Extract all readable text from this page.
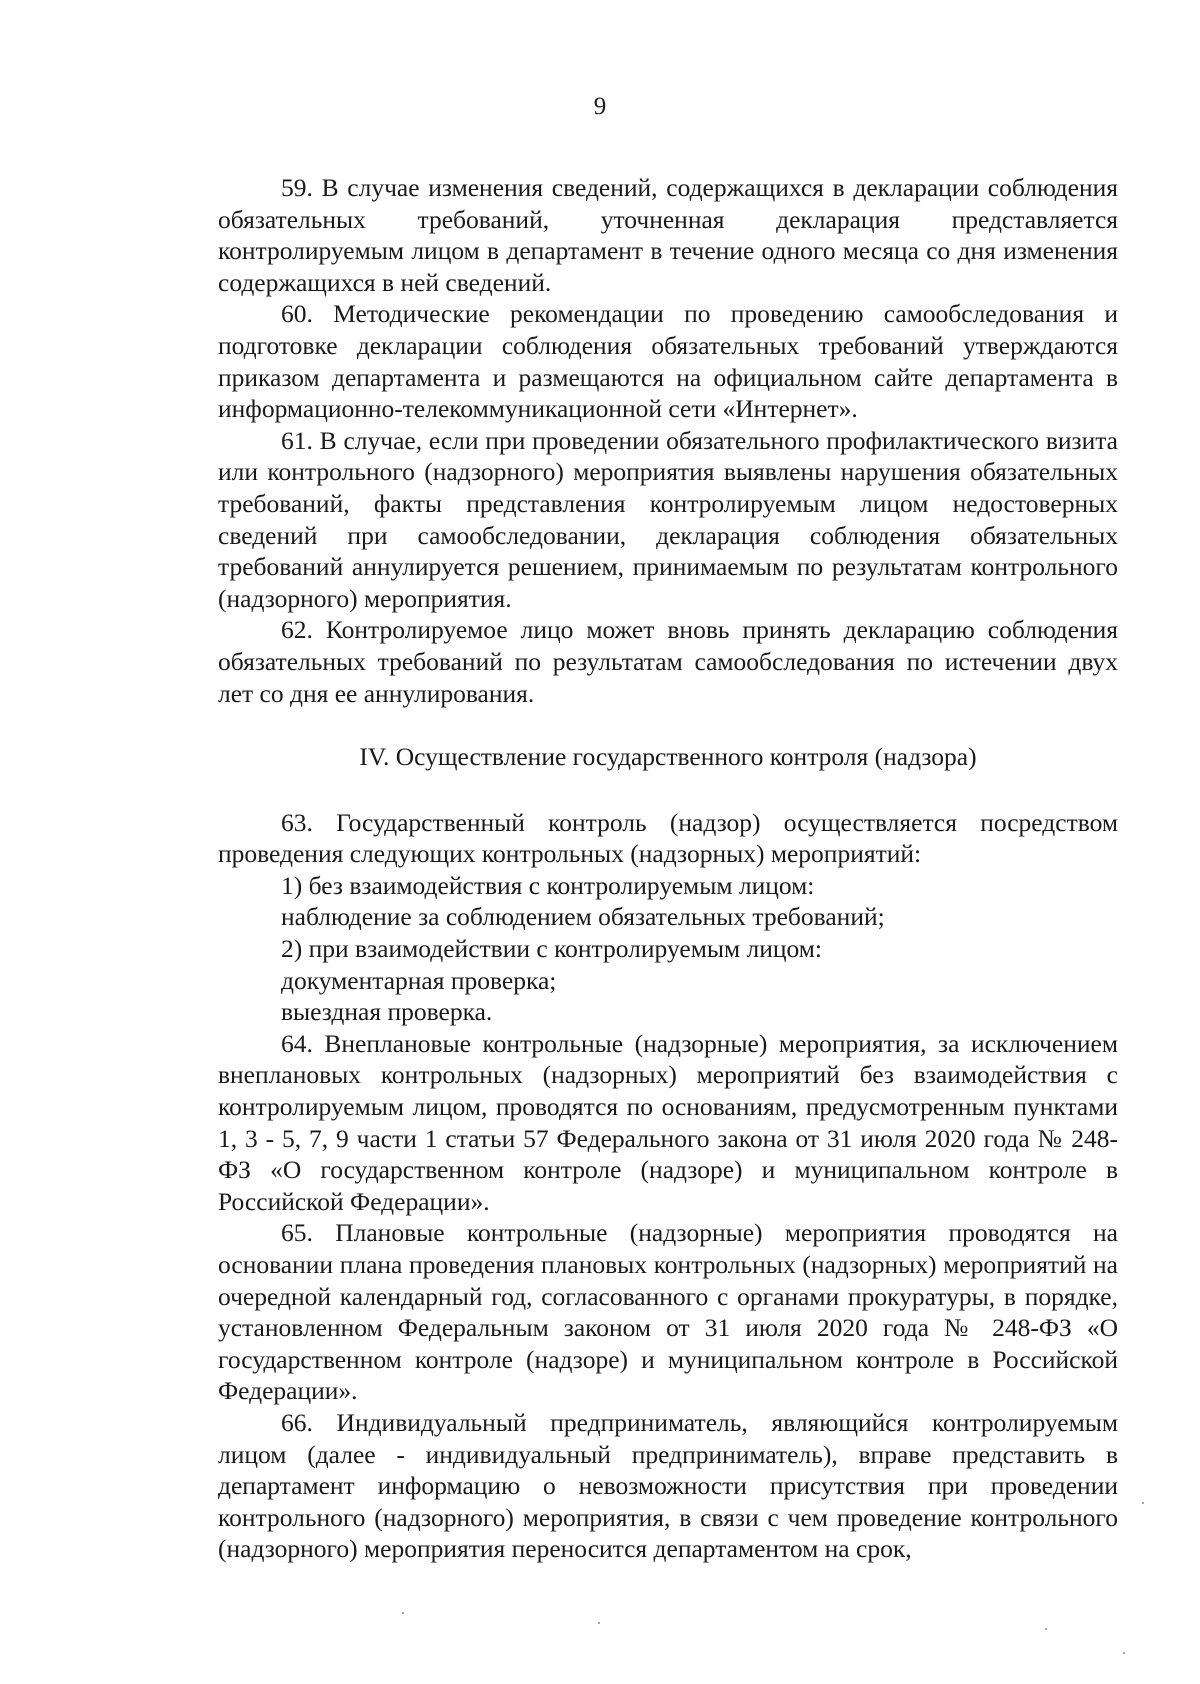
9

59. В случае изменения сведений, содержащихся в декларации соблюдения обязательных требований, уточненная декларация представляется контролируемым лицом в департамент в течение одного месяца со дня изменения содержащихся в ней сведений.

60. Методические рекомендации по проведению самообследования и подготовке декларации соблюдения обязательных требований утверждаются приказом департамента и размещаются на официальном сайте департамента в информационно-телекоммуникационной сети «Интернет».

61. В случае, если при проведении обязательного профилактического визита или контрольного (надзорного) мероприятия выявлены нарушения обязательных требований, факты представления контролируемым лицом недостоверных сведений при самообследовании, декларация соблюдения обязательных требований аннулируется решением, принимаемым по результатам контрольного (надзорного) мероприятия.

62. Контролируемое лицо может вновь принять декларацию соблюдения обязательных требований по результатам самообследования по истечении двух лет со дня ее аннулирования.

IV. Осуществление государственного контроля (надзора)

63. Государственный контроль (надзор) осуществляется посредством проведения следующих контрольных (надзорных) мероприятий:

1) без взаимодействия с контролируемым лицом:

наблюдение за соблюдением обязательных требований;

2) при взаимодействии с контролируемым лицом:

документарная проверка;

выездная проверка.

64. Внеплановые контрольные (надзорные) мероприятия, за исключением внеплановых контрольных (надзорных) мероприятий без взаимодействия с контролируемым лицом, проводятся по основаниям, предусмотренным пунктами 1, 3 - 5, 7, 9 части 1 статьи 57 Федерального закона от 31 июля 2020 года № 248-ФЗ «О государственном контроле (надзоре) и муниципальном контроле в Российской Федерации».

65. Плановые контрольные (надзорные) мероприятия проводятся на основании плана проведения плановых контрольных (надзорных) мероприятий на очередной календарный год, согласованного с органами прокуратуры, в порядке, установленном Федеральным законом от 31 июля 2020 года № 248-ФЗ «О государственном контроле (надзоре) и муниципальном контроле в Российской Федерации».

66. Индивидуальный предприниматель, являющийся контролируемым лицом (далее - индивидуальный предприниматель), вправе представить в департамент информацию о невозможности присутствия при проведении контрольного (надзорного) мероприятия, в связи с чем проведение контрольного (надзорного) мероприятия переносится департаментом на срок,
